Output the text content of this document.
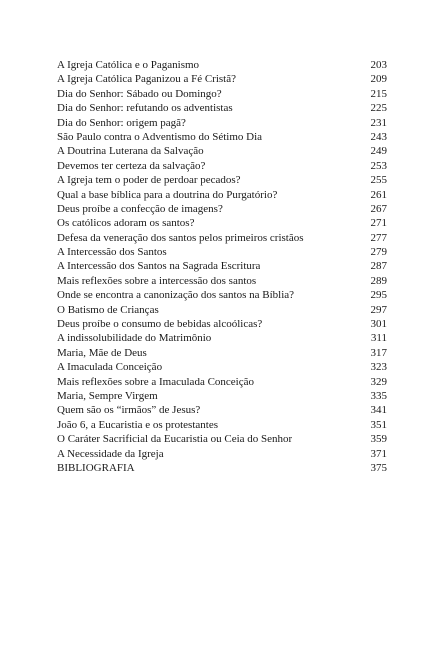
A Igreja Católica e o Paganismo	203
A Igreja Católica Paganizou a Fé Cristã?	209
Dia do Senhor: Sábado ou Domingo?	215
Dia do Senhor: refutando os adventistas	225
Dia do Senhor: origem pagã?	231
São Paulo contra o Adventismo do Sétimo Dia	243
A Doutrina Luterana da Salvação	249
Devemos ter certeza da salvação?	253
A Igreja tem o poder de perdoar pecados?	255
Qual a base bíblica para a doutrina do Purgatório?	261
Deus proíbe a confecção de imagens?	267
Os católicos adoram os santos?	271
Defesa da veneração dos santos pelos primeiros cristãos	277
A Intercessão dos Santos	279
A Intercessão dos Santos na Sagrada Escritura	287
Mais reflexões sobre a intercessão dos santos	289
Onde se encontra a canonização dos santos na Bíblia?	295
O Batismo de Crianças	297
Deus proíbe o consumo de bebidas alcoólicas?	301
A indissolubilidade do Matrimônio	311
Maria, Mãe de Deus	317
A Imaculada Conceição	323
Mais reflexões sobre a Imaculada Conceição	329
Maria, Sempre Virgem	335
Quem são os “irmãos” de Jesus?	341
João 6, a Eucaristia e os protestantes	351
O Caráter Sacrificial da Eucaristia ou Ceia do Senhor	359
A Necessidade da Igreja	371
BIBLIOGRAFIA	375
